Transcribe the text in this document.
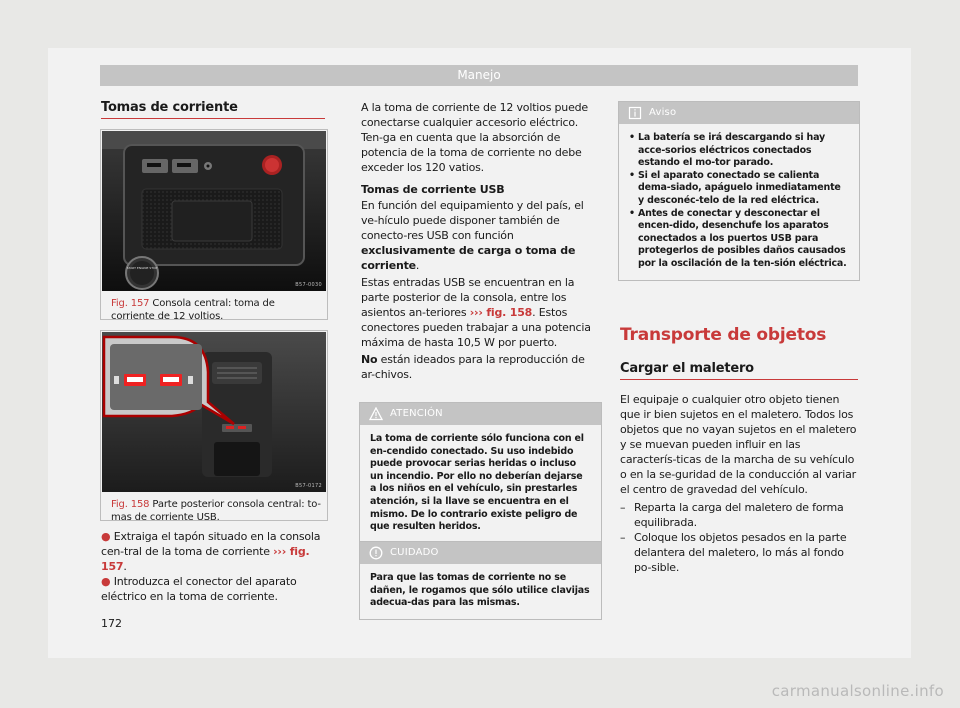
Manejo
Tomas de corriente
START ENGINE STOP
B57-0030
Fig. 157 Consola central: toma de corriente de 12 voltios.
B57-0172
Fig. 158 Parte posterior consola central: to-mas de corriente USB.
● Extraiga el tapón situado en la consola cen-tral de la toma de corriente ››› fig. 157.
● Introduzca el conector del aparato eléctrico en la toma de corriente.

A la toma de corriente de 12 voltios puede conectarse cualquier accesorio eléctrico. Ten-ga en cuenta que la absorción de potencia de la toma de corriente no debe exceder los 120 vatios.

Tomas de corriente USB

En función del equipamiento y del país, el ve-hículo puede disponer también de conecto-res USB con función exclusivamente de carga o toma de corriente.

Estas entradas USB se encuentran en la parte posterior de la consola, entre los asientos an-teriores ››› fig. 158. Estos conectores pueden trabajar a una potencia máxima de hasta 10,5 W por puerto.

No están ideados para la reproducción de ar-chivos.

ATENCIÓN
La toma de corriente sólo funciona con el en-cendido conectado. Su uso indebido puede provocar serias heridas o incluso un incendio. Por ello no deberían dejarse a los niños en el vehículo, sin prestarles atención, si la llave se encuentra en el mismo. De lo contrario existe peligro de que resulten heridos.
CUIDADO
Para que las tomas de corriente no se dañen, le rogamos que sólo utilice clavijas adecua-das para las mismas.
Aviso
• La batería se irá descargando si hay acce-sorios eléctricos conectados estando el mo-tor parado.
• Si el aparato conectado se calienta dema-siado, apáguelo inmediatamente y desconéc-telo de la red eléctrica.
• Antes de conectar y desconectar el encen-dido, desenchufe los aparatos conectados a los puertos USB para protegerlos de posibles daños causados por la oscilación de la ten-sión eléctrica.
Transporte de objetos
Cargar el maletero

El equipaje o cualquier otro objeto tienen que ir bien sujetos en el maletero. Todos los objetos que no vayan sujetos en el maletero y se muevan pueden influir en las caracterís-ticas de la marcha de su vehículo o en la se-guridad de la conducción al variar el centro de gravedad del vehículo.

– Reparta la carga del maletero de forma equilibrada.
– Coloque los objetos pesados en la parte delantera del maletero, lo más al fondo po-sible.
172
carmanualsonline.info
